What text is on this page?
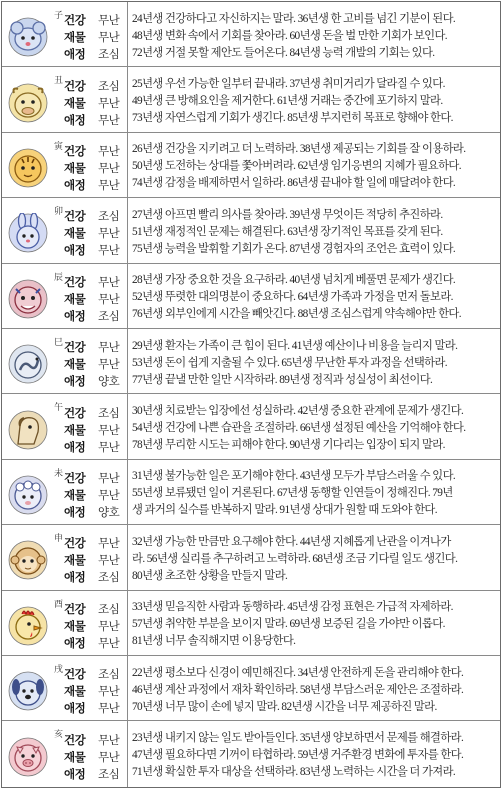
子 건강	무난
재물	무난
애정	조심
24년생 건강하다고 자신하지는 말라. 36년생 한 고비를 넘긴 기분이 된다.
48년생 변화 속에서 기회를 찾아라. 60년생 돈을 벌 만한 기회가 보인다.
72년생 거절 못할 제안도 들어온다. 84년생 능력 개발의 기회는 있다.
丑 건강	조심
재물	무난
애정	무난
25년생 우선 가능한 일부터 끝내라. 37년생 취미거리가 달라질 수 있다.
49년생 큰 방해요인을 제거한다. 61년생 거래는 중간에 포기하지 말라.
73년생 자연스럽게 기회가 생긴다. 85년생 부지런히 목표로 향해야 한다.
寅 건강	무난
재물	무난
애정	무난
26년생 건강을 지키려고 더 노력하라. 38년생 제공되는 기회를 잘 이용하라.
50년생 도전하는 상대를 쫓아버려라. 62년생 임기응변의 지혜가 필요하다.
74년생 감정을 배제하면서 일하라. 86년생 끝내야 할 일에 매달려야 한다.
卯 건강	조심
재물	무난
애정	무난
27년생 아프면 빨리 의사를 찾아라. 39년생 무엇이든 적당히 추진하라.
51년생 재정적인 문제는 해결된다. 63년생 장기적인 목표를 갖게 된다.
75년생 능력을 발휘할 기회가 온다. 87년생 경험자의 조언은 효력이 있다.
辰 건강	무난
재물	무난
애정	조심
28년생 가장 중요한 것을 요구하라. 40년생 넘치게 베풀면 문제가 생긴다.
52년생 뚜렷한 대의명분이 중요하다. 64년생 가족과 가정을 먼저 돌보라.
76년생 외부인에게 시간을 빼앗긴다. 88년생 조심스럽게 약속해야만 한다.
巳 건강	무난
재물	무난
애정	양호
29년생 환자는 가족이 큰 힘이 된다. 41년생 예산이나 비용을 늘리지 말라.
53년생 돈이 쉽게 지출될 수 있다. 65년생 무난한 투자 과정을 선택하라.
77년생 끝낼 만한 일만 시작하라. 89년생 정직과 성실성이 최선이다.
午 건강	조심
재물	무난
애정	무난
30년생 치료받는 입장에선 성실하라. 42년생 중요한 관계에 문제가 생긴다.
54년생 건강에 나쁜 습관을 조절하라. 66년생 설정된 예산을 기억해야 한다.
78년생 무리한 시도는 피해야 한다. 90년생 기다리는 입장이 되지 말라.
未 건강	무난
재물	무난
애정	양호
31년생 불가능한 일은 포기해야 한다. 43년생 모두가 부담스러울 수 있다.
55년생 보류됐던 일이 거론된다. 67년생 동행할 인연들이 정해진다. 79년
생 과거의 실수를 반복하지 말라. 91년생 상대가 원할 때 도와야 한다.
申 건강	무난
재물	무난
애정	조심
32년생 가능한 만큼만 요구해야 한다. 44년생 지혜롭게 난관을 이겨나가
라. 56년생 실리를 추구하려고 노력하라. 68년생 조금 기다릴 일도 생긴다.
80년생 초조한 상황을 만들지 말라.
酉 건강	조심
재물	무난
애정	무난
33년생 믿음직한 사람과 동행하라. 45년생 감정 표현은 가급적 자제하라.
57년생 취약한 부분을 보이지 말라. 69년생 보증된 길을 가야만 이롭다.
81년생 너무 솔직해지면 이용당한다.
戌 건강	조심
재물	무난
애정	무난
22년생 평소보다 신경이 예민해진다. 34년생 안전하게 돈을 관리해야 한다.
46년생 계산 과정에서 재차 확인하라. 58년생 부담스러운 제안은 조절하라.
70년생 너무 많이 손에 넣지 말라. 82년생 시간을 너무 제공하진 말라.
亥 건강	무난
재물	무난
애정	조심
23년생 내키지 않는 일도 받아들인다. 35년생 양보하면서 문제를 해결하라.
47년생 필요하다면 기꺼이 타협하라. 59년생 거주환경 변화에 투자를 한다.
71년생 확실한 투자 대상을 선택하라. 83년생 노력하는 시간을 더 가져라.
